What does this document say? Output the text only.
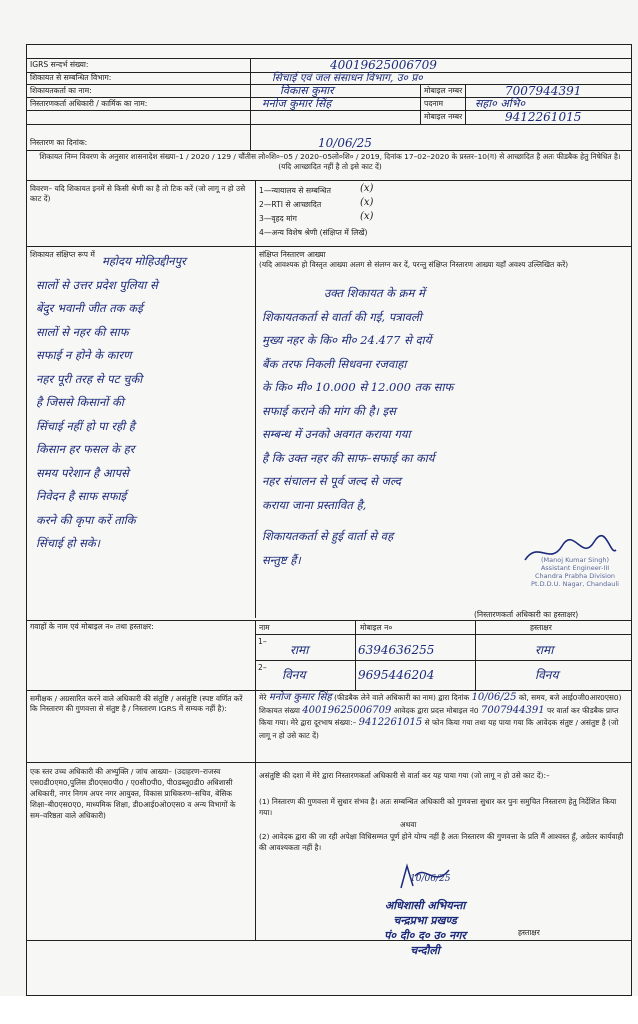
IGRS सन्दर्भ संख्या:	40019625006709
शिकायत से सम्बन्धित विभाग:	सिंचाई एवं जल संसाधन विभाग, उ० प्र०
शिकायतकर्ता का नाम:	विकास कुमार	मोबाइल नम्बर	7007944391
निस्तारणकर्ता अधिकारी / कार्मिक का नाम:	मनोज कुमार सिंह	पदनाम	सहा० अभि०
मोबाइल नम्बर	9412261015
निस्तारण का दिनांक:	10/06/25
शिकायत निम्न विवरण के अनुसार शासनादेश संख्या–1 / 2020 / 129 / चौंतीस लो०शि०–05 / 2020–05लो०शि० / 2019, दिनांक 17–02–2020 के प्रस्तर–10(ग) से आच्छादित है अतः फीडबैक हेतु निषेधित है। (यदि आच्छादित नहीं है तो इसे काट दें)
विवरण– यदि शिकायत इनमें से किसी श्रेणी का है तो टिक करें (जो लागू न हो उसे काट दें)
1—न्यायालय से सम्बन्धित	(x)
2—RTI से आच्छादित	(x)
3—वृहद मांग	(x)
4—अन्य विशेष श्रेणी (संक्षिप्त में लिखें)
शिकायत संक्षिप्त रूप में	संक्षिप्त निस्तारण आख्या
(यदि आवश्यक हो विस्तृत आख्या अलग से संलग्न कर दें, परन्तु संक्षिप्त निस्तारण आख्या यहाँ अवश्य उल्लिखित करें)
महोदय मोहिउद्दीनपुर
सालों से उत्तर प्रदेश पुलिया से
बेंदुर भवानी जीत तक कई
सालों से नहर की साफ
सफाई न होने के कारण
नहर पूरी तरह से पट चुकी
है जिससे किसानों की
सिंचाई नहीं हो पा रही है
किसान हर फसल के हर
समय परेशान है आपसे
निवेदन है साफ सफाई
करने की कृपा करें ताकि
सिंचाई हो सके।
उक्त शिकायत के क्रम में
शिकायतकर्ता से वार्ता की गई, पत्रावली
मुख्य नहर के कि० मी० 24.477 से दायें
बैंक तरफ निकली सिधवना रजवाहा
के कि० मी० 10.000 से 12.000 तक साफ
सफाई कराने की मांग की है। इस
सम्बन्ध में उनको अवगत कराया गया
है कि उक्त नहर की साफ–सफाई का कार्य
नहर संचालन से पूर्व जल्द से जल्द
कराया जाना प्रस्तावित है,
शिकायतकर्ता से हुई वार्ता से वह
सन्तुष्ट हैं।	(Manoj Kumar Singh)
Assistant Engineer-III
Chandra Prabha Division
Pt.D.D.U. Nagar, Chandauli
(निस्तारणकर्ता अधिकारी का हस्ताक्षर)
गवाहों के नाम एवं मोबाइल न० तथा हस्ताक्षर:	नाम	मोबाइल न०	हस्ताक्षर
1–
रामा	6394636255	रामा
2–
विनय	9695446204	विनय
समीक्षक / अग्रसारित करने वाले अधिकारी की संतुष्टि / असंतुष्टि (स्पष्ट वर्णित करें कि निस्तारण की गुणवत्ता से संतुष्ट है / निस्तारण IGRS में सम्यक नहीं है):
मेरे मनोज कुमार सिंह (फीडबैक लेने वाले अधिकारी का नाम) द्वारा दिनांक 10/06/25 को, समय, बजे आई0जी0आर0एस0) शिकायत संख्या 40019625006709 आवेदक द्वारा प्रदत्त मोबाइल नं0 7007944391 पर वार्ता कर फीडबैक प्राप्त किया गया। मेरे द्वारा दूरभाष संख्या:– 9412261015 से फोन किया गया तथा यह पाया गया कि आवेदक संतुष्ट / असंतुष्ट है (जो लागू न हो उसे काट दें)
एक स्तर उच्च अधिकारी की अभ्युक्ति / जांच आख्या– (उदाहरण–राजस्व एस0डी0एम0,पुलिस डी0एस0पी0 / ए0सी0पी0, पी0डब्लू0डी0 अधिशासी अधिकारी, नगर निगम अपर नगर आयुक्त, विकास प्राधिकरण–सचिव, बेसिक शिक्षा–बी0एस0ए0, माध्यमिक शिक्षा, डी0आई0ओ0एस0 व अन्य विभागों के सम–वरिष्ठता वाले अधिकारी)
असंतुष्टि की दशा में मेरे द्वारा निस्तारणकर्ता अधिकारी से वार्ता कर यह पाया गया (जो लागू न हो उसे काट दें):–
(1) निस्तारण की गुणवत्ता में सुधार संभव है। अतः सम्बन्धित अधिकारी को गुणवत्ता सुधार कर पुनः समुचित निस्तारण हेतु निर्देशित किया गया।
अथवा
(2) आवेदक द्वारा की जा रही अपेक्षा विधिसम्मत पूर्ण होने योग्य नहीं है अतः निस्तारण की गुणवत्ता के प्रति मैं आश्वस्त हूँ, अग्रेतर कार्यवाही की आवश्यकता नहीं है।
10/06/25
अधिशासी अभियन्ता
चन्द्रप्रभा प्रखण्ड
पं० दी० द० उ० नगर
चन्दौली
हस्ताक्षर
